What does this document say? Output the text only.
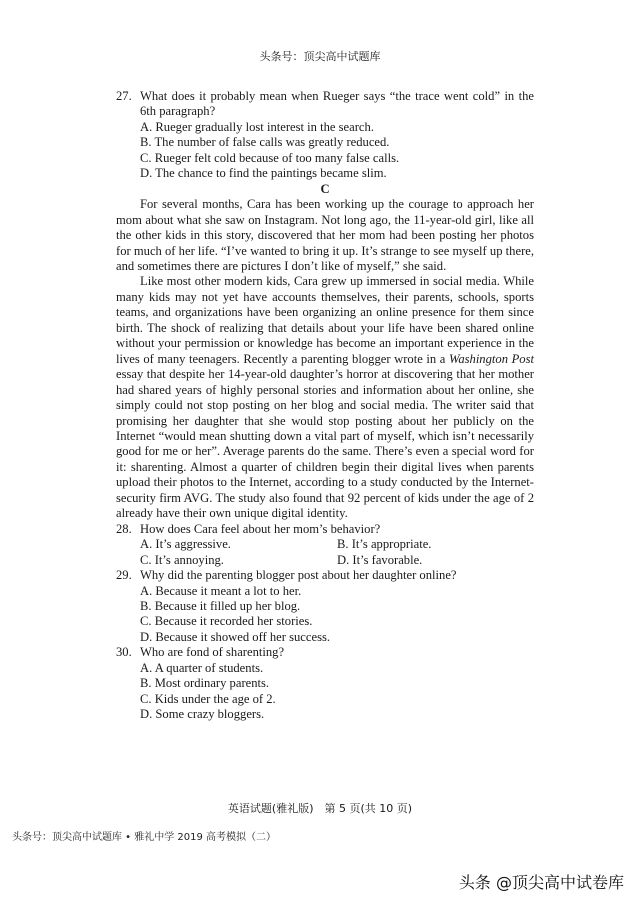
头条号：顶尖高中试题库
27. What does it probably mean when Rueger says “the trace went cold” in the 6th paragraph?
A. Rueger gradually lost interest in the search.
B. The number of false calls was greatly reduced.
C. Rueger felt cold because of too many false calls.
D. The chance to find the paintings became slim.
C
For several months, Cara has been working up the courage to approach her mom about what she saw on Instagram. Not long ago, the 11-year-old girl, like all the other kids in this story, discovered that her mom had been posting her photos for much of her life. “I’ve wanted to bring it up. It’s strange to see myself up there, and sometimes there are pictures I don’t like of myself,” she said.
Like most other modern kids, Cara grew up immersed in social media. While many kids may not yet have accounts themselves, their parents, schools, sports teams, and organizations have been organizing an online presence for them since birth. The shock of realizing that details about your life have been shared online without your permission or knowledge has become an important experience in the lives of many teenagers. Recently a parenting blogger wrote in a Washington Post essay that despite her 14-year-old daughter’s horror at discovering that her mother had shared years of highly personal stories and information about her online, she simply could not stop posting on her blog and social media. The writer said that promising her daughter that she would stop posting about her publicly on the Internet “would mean shutting down a vital part of myself, which isn’t necessarily good for me or her”. Average parents do the same. There’s even a special word for it: sharenting. Almost a quarter of children begin their digital lives when parents upload their photos to the Internet, according to a study conducted by the Internet-security firm AVG. The study also found that 92 percent of kids under the age of 2 already have their own unique digital identity.
28. How does Cara feel about her mom’s behavior?
A. It’s aggressive.	B. It’s appropriate.
C. It’s annoying.	D. It’s favorable.
29. Why did the parenting blogger post about her daughter online?
A. Because it meant a lot to her.
B. Because it filled up her blog.
C. Because it recorded her stories.
D. Because it showed off her success.
30. Who are fond of sharenting?
A. A quarter of students.
B. Most ordinary parents.
C. Kids under the age of 2.
D. Some crazy bloggers.
英语试题(雅礼版)　第 5 页(共 10 页)
头条号：顶尖高中试题库 • 雅礼中学 2019 高考模拟（二）
头条 @顶尖高中试卷库
